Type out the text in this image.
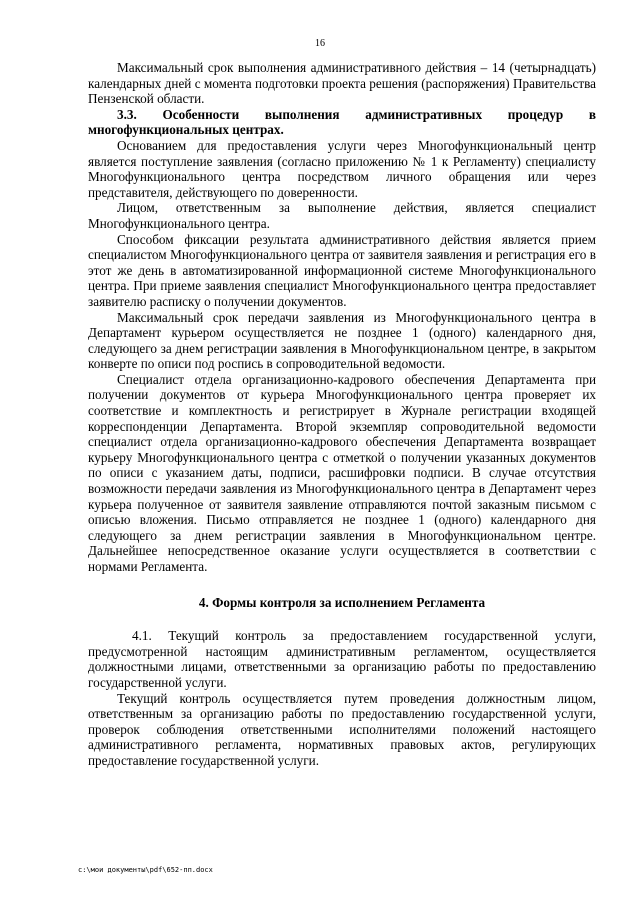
16

Максимальный срок выполнения административного действия – 14 (четырнадцать) календарных дней с момента подготовки проекта решения (распоряжения) Правительства Пензенской области.

3.3. Особенности выполнения административных процедур в многофункциональных центрах.

Основанием для предоставления услуги через Многофункциональный центр является поступление заявления (согласно приложению № 1 к Регламенту) специалисту Многофункционального центра посредством личного обращения или через представителя, действующего по доверенности.

Лицом, ответственным за выполнение действия, является специалист Многофункционального центра.

Способом фиксации результата административного действия является прием специалистом Многофункционального центра от заявителя заявления и регистрация его в этот же день в автоматизированной информационной системе Многофункционального центра. При приеме заявления специалист Многофункционального центра предоставляет заявителю расписку о получении документов.

Максимальный срок передачи заявления из Многофункционального центра в Департамент курьером осуществляется не позднее 1 (одного) календарного дня, следующего за днем регистрации заявления в Многофункциональном центре, в закрытом конверте по описи под роспись в сопроводительной ведомости.

Специалист отдела организационно-кадрового обеспечения Департамента при получении документов от курьера Многофункционального центра проверяет их соответствие и комплектность и регистрирует в Журнале регистрации входящей корреспонденции Департамента. Второй экземпляр сопроводительной ведомости специалист отдела организационно-кадрового обеспечения Департамента возвращает курьеру Многофункционального центра с отметкой о получении указанных документов по описи с указанием даты, подписи, расшифровки подписи. В случае отсутствия возможности передачи заявления из Многофункционального центра в Департамент через курьера полученное от заявителя заявление отправляются почтой заказным письмом с описью вложения. Письмо отправляется не позднее 1 (одного) календарного дня следующего за днем регистрации заявления в Многофункциональном центре. Дальнейшее непосредственное оказание услуги осуществляется в соответствии с нормами Регламента.

4. Формы контроля за исполнением Регламента

4.1. Текущий контроль за предоставлением государственной услуги, предусмотренной настоящим административным регламентом, осуществляется должностными лицами, ответственными за организацию работы по предоставлению государственной услуги.

Текущий контроль осуществляется путем проведения должностным лицом, ответственным за организацию работы по предоставлению государственной услуги, проверок соблюдения ответственными исполнителями положений настоящего административного регламента, нормативных правовых актов, регулирующих предоставление государственной услуги.

c:\мои документы\pdf\652-пп.docx
